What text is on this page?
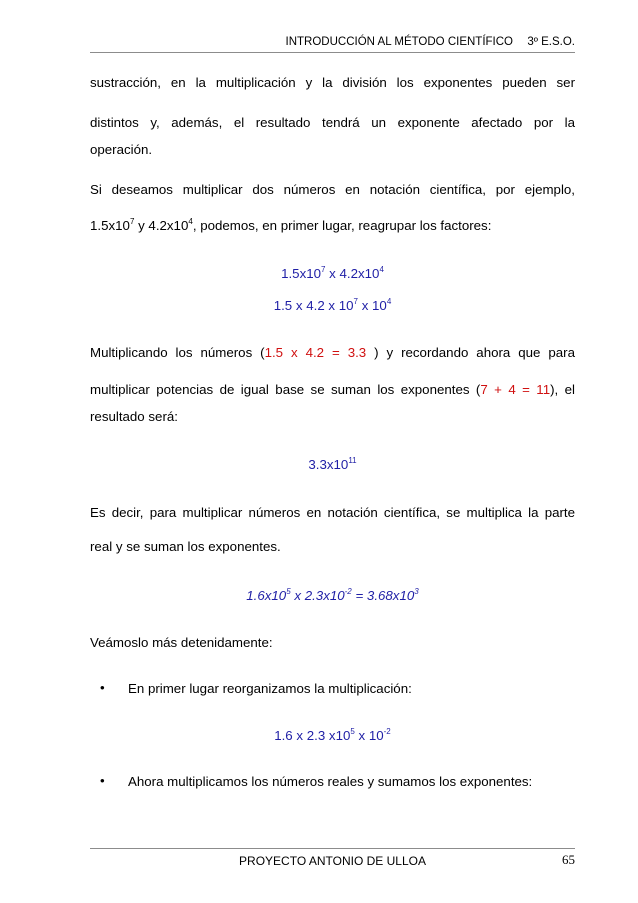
INTRODUCCIÓN AL MÉTODO CIENTÍFICO 3º E.S.O.

sustracción, en la multiplicación y la división los exponentes pueden ser

distintos y, además, el resultado tendrá un exponente afectado por la

operación.

Si deseamos multiplicar dos números en notación científica, por ejemplo,

$1.5x10^7$ y $4.2x10^4$, podemos, en primer lugar, reagrupar los factores:

$1.5x10^7$ x $4.2x10^4$

1.5 x 4.2 x $10^7$ x $10^4$

Multiplicando los números (1.5 x 4.2 = 3.3 ) y recordando ahora que para

multiplicar potencias de igual base se suman los exponentes (7 + 4 = 11), el

resultado será:

$3.3x10^{11}$

Es decir, para multiplicar números en notación científica, se multiplica la parte

real y se suman los exponentes.

$1.6x10^5$ x $2.3x10^{-2} = 3.68x10^3$

Veámoslo más detenidamente:

• En primer lugar reorganizamos la multiplicación:

1.6 x 2.3 $x10^5$ x $10^{-2}$

• Ahora multiplicamos los números reales y sumamos los exponentes:

PROYECTO ANTONIO DE ULLOA	65
